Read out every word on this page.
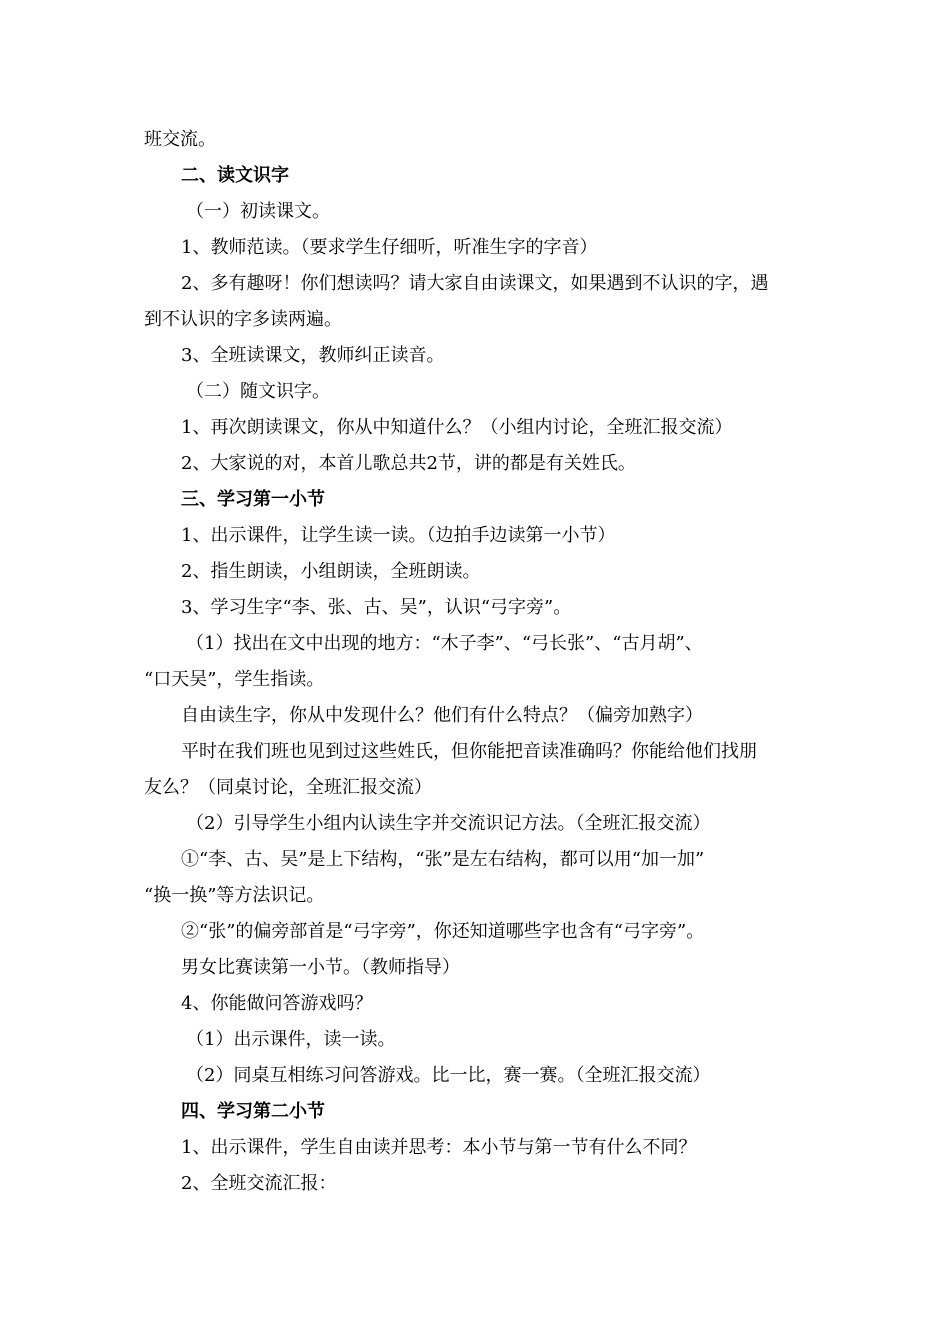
班交流。
二、读文识字
（一）初读课文。
1、教师范读。（要求学生仔细听，听准生字的字音）
2、多有趣呀！你们想读吗？请大家自由读课文，如果遇到不认识的字，遇
到不认识的字多读两遍。
3、全班读课文，教师纠正读音。
（二）随文识字。
1、再次朗读课文，你从中知道什么？（小组内讨论，全班汇报交流）
2、大家说的对，本首儿歌总共2节，讲的都是有关姓氏。
三、学习第一小节
1、出示课件，让学生读一读。（边拍手边读第一小节）
2、指生朗读，小组朗读，全班朗读。
3、学习生字“李、张、古、吴”，认识“弓字旁”。
（1）找出在文中出现的地方：“木子李”、“弓长张”、“古月胡”、
“口天吴”，学生指读。
自由读生字，你从中发现什么？他们有什么特点？（偏旁加熟字）
平时在我们班也见到过这些姓氏，但你能把音读准确吗？你能给他们找朋
友么？（同桌讨论，全班汇报交流）
（2）引导学生小组内认读生字并交流识记方法。（全班汇报交流）
①“李、古、吴”是上下结构，“张”是左右结构，都可以用“加一加”
“换一换”等方法识记。
②“张”的偏旁部首是“弓字旁”，你还知道哪些字也含有“弓字旁”。
男女比赛读第一小节。（教师指导）
4、你能做问答游戏吗？
（1）出示课件，读一读。
（2）同桌互相练习问答游戏。比一比，赛一赛。（全班汇报交流）
四、学习第二小节
1、出示课件，学生自由读并思考：本小节与第一节有什么不同？
2、全班交流汇报：
